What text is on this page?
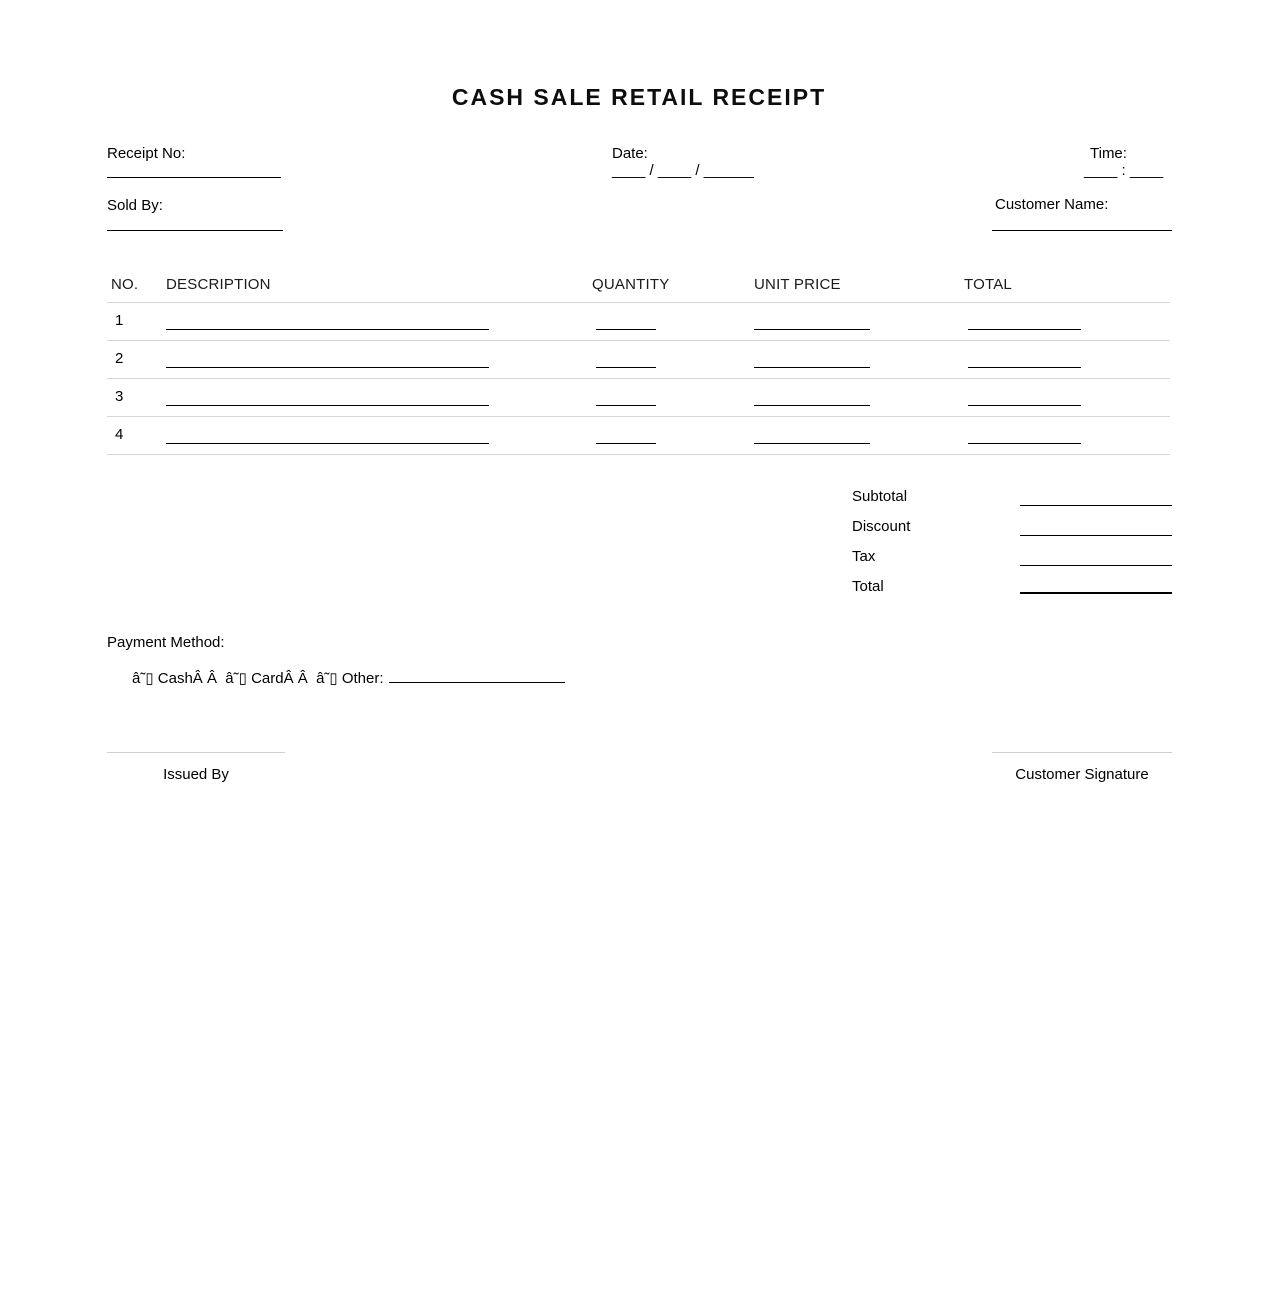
CASH SALE RETAIL RECEIPT
Receipt No:	Date:
____ / ____ / ______
Time:
____ : ____
Sold By:	Customer Name:
NO. DESCRIPTION	QUANTITY	UNIT PRICE	TOTAL
1
2
3
4
Subtotal
Discount
Tax
Total
Payment Method:

â˜▯ CashÂ Â  â˜▯ CardÂ Â  â˜▯ Other:

Issued By	Customer Signature
